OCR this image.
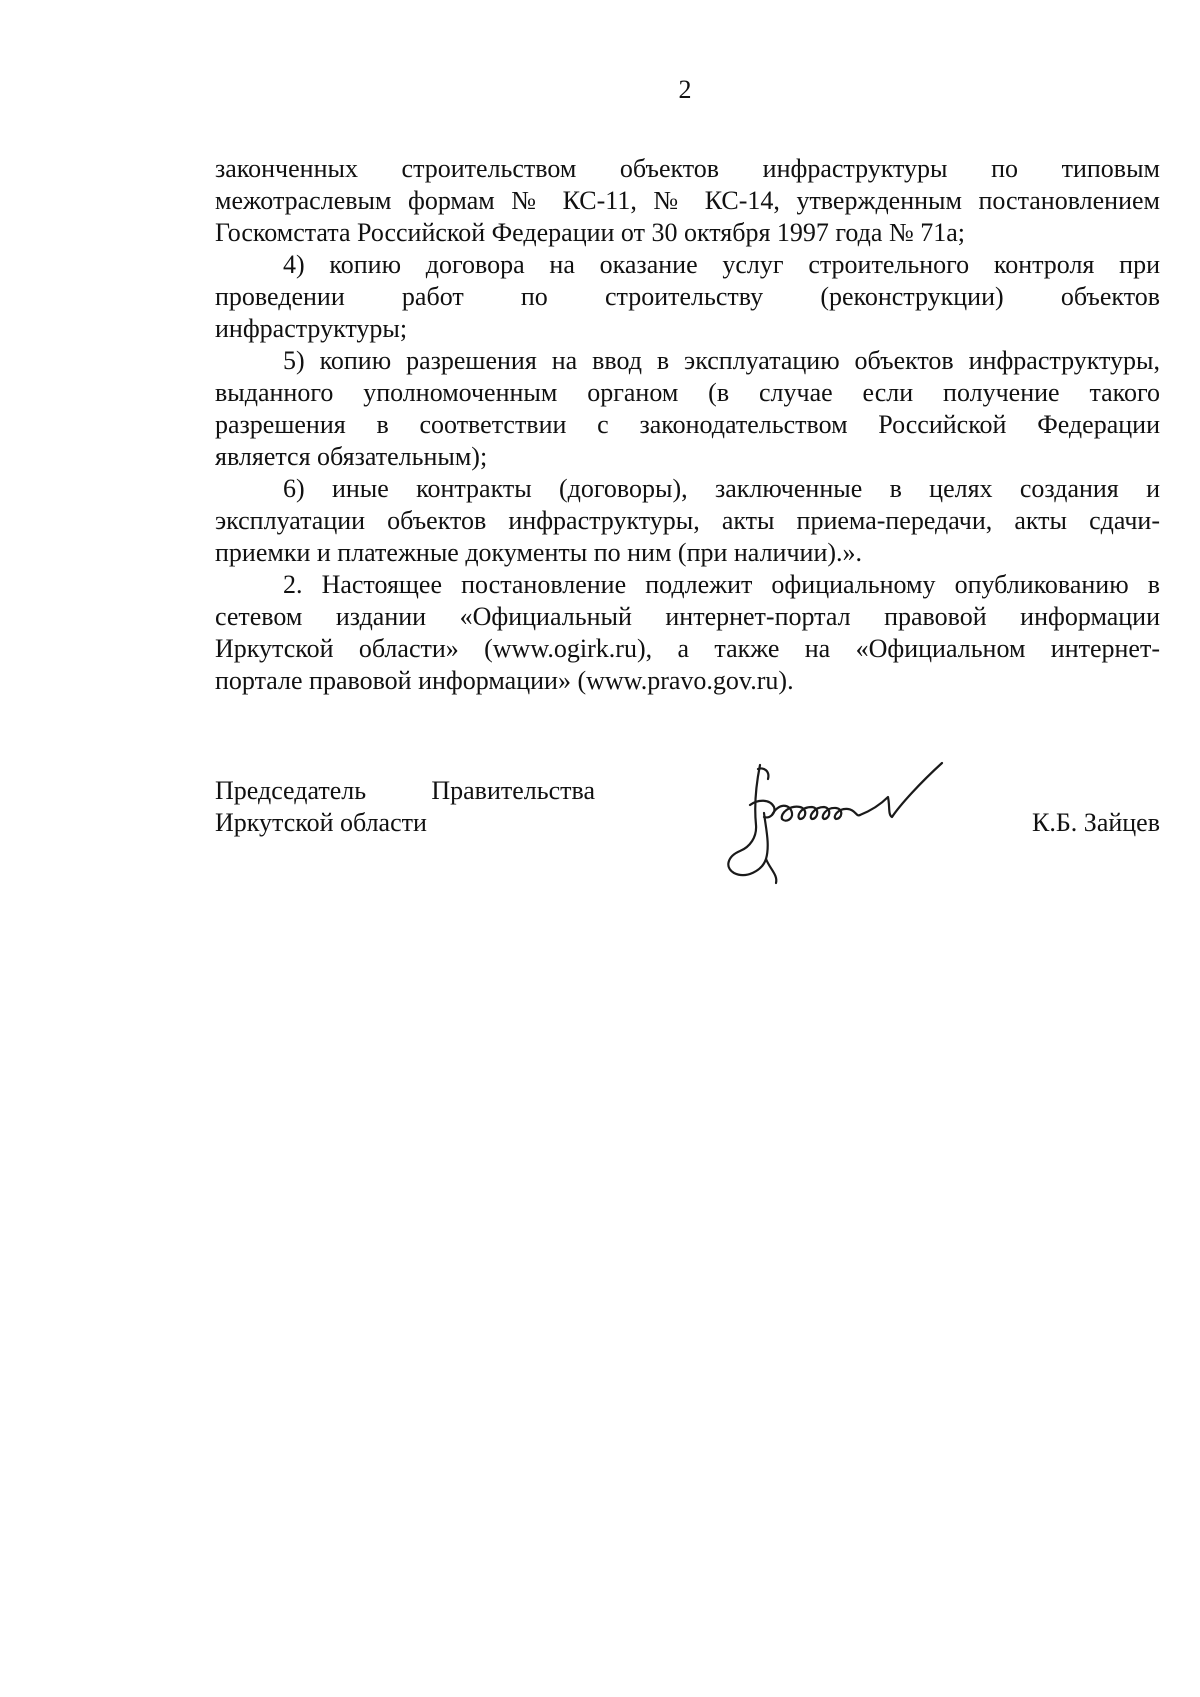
2

законченных строительством объектов инфраструктуры по типовым
межотраслевым формам № КС-11, № КС-14, утвержденным постановлением
Госкомстата Российской Федерации от 30 октября 1997 года № 71а;

4) копию договора на оказание услуг строительного контроля при
проведении работ по строительству (реконструкции) объектов
инфраструктуры;

5) копию разрешения на ввод в эксплуатацию объектов инфраструктуры,
выданного уполномоченным органом (в случае если получение такого
разрешения в соответствии с законодательством Российской Федерации
является обязательным);

6) иные контракты (договоры), заключенные в целях создания и
эксплуатации объектов инфраструктуры, акты приема-передачи, акты сдачи-
приемки и платежные документы по ним (при наличии).».

2. Настоящее постановление подлежит официальному опубликованию в
сетевом издании «Официальный интернет-портал правовой информации
Иркутской области» (www.ogirk.ru), а также на «Официальном интернет-
портале правовой информации» (www.pravo.gov.ru).

Председатель Правительства
Иркутской области	К.Б. Зайцев
